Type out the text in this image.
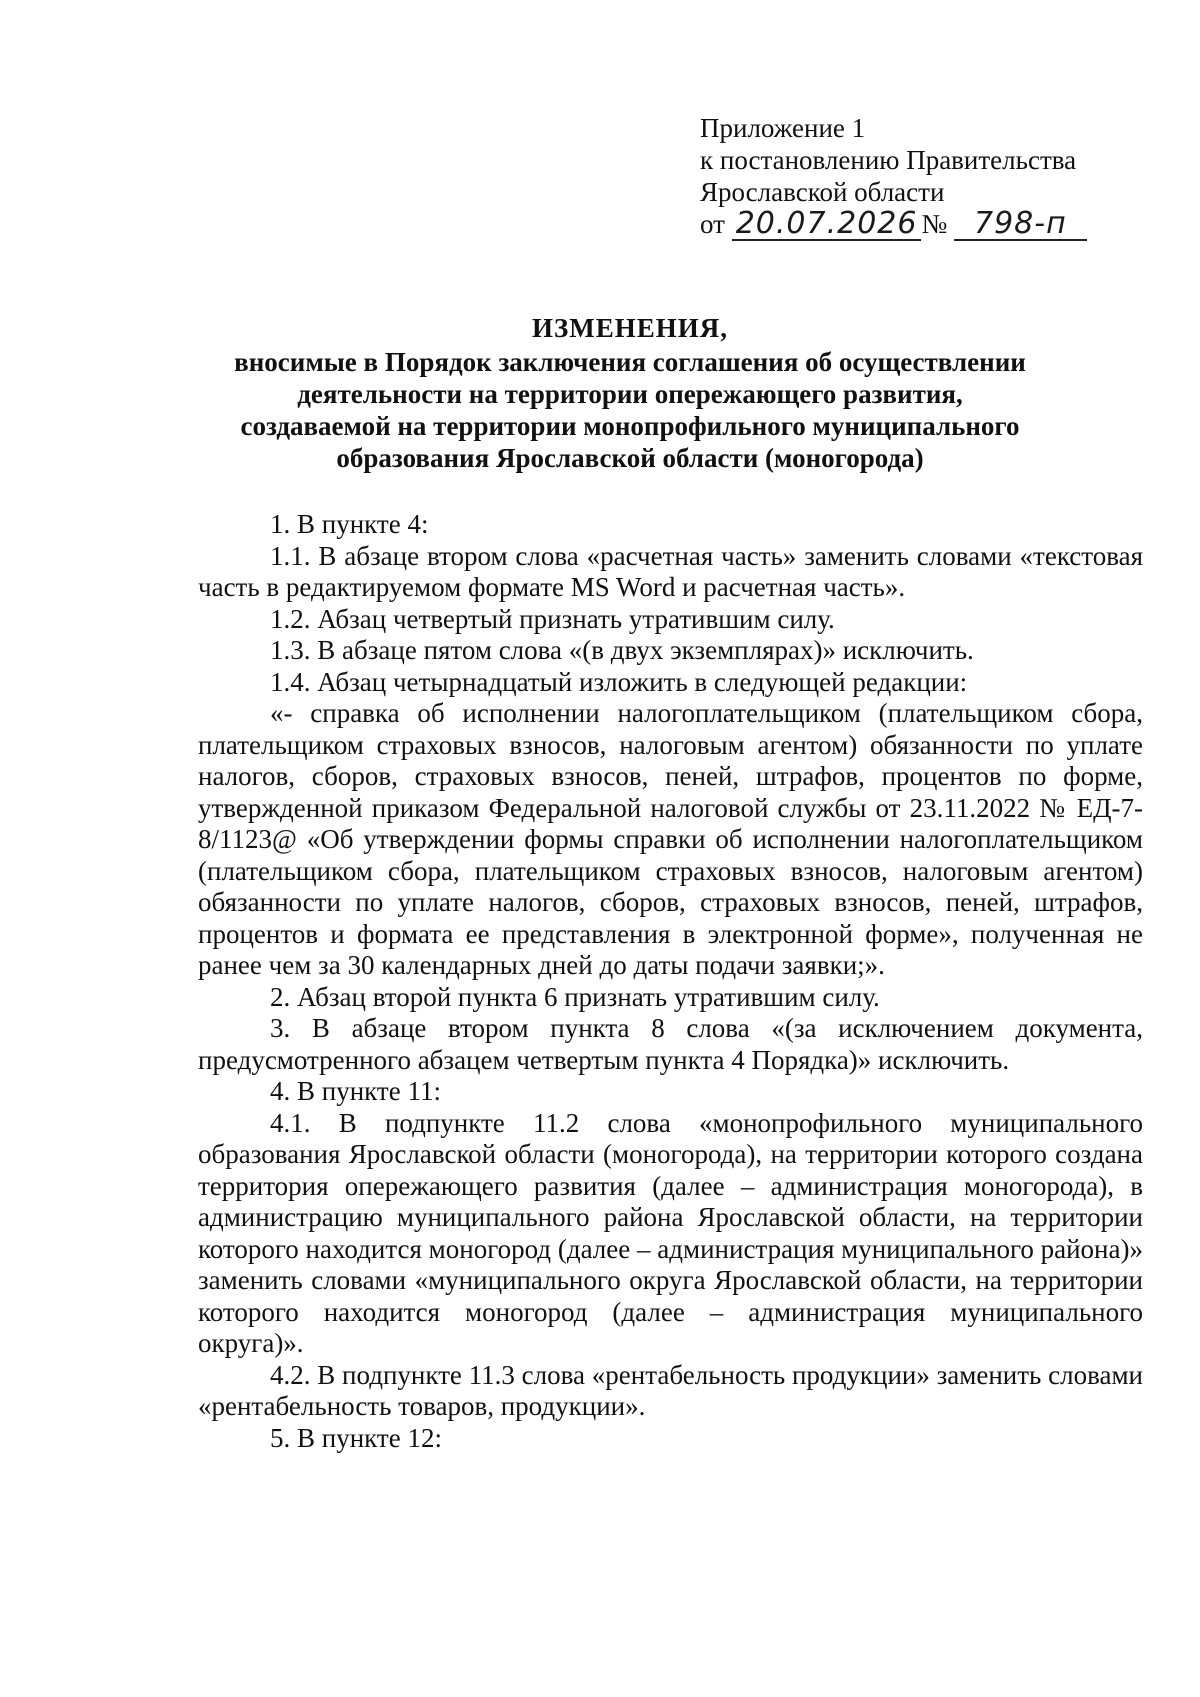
Приложение 1
к постановлению Правительства
Ярославской области
от 20.07.2026 № 798-п
ИЗМЕНЕНИЯ,
вносимые в Порядок заключения соглашения об осуществлении
деятельности на территории опережающего развития,
создаваемой на территории монопрофильного муниципального
образования Ярославской области (моногорода)

1. В пункте 4:

1.1. В абзаце втором слова «расчетная часть» заменить словами «текстовая часть в редактируемом формате MS Word и расчетная часть».

1.2. Абзац четвертый признать утратившим силу.

1.3. В абзаце пятом слова «(в двух экземплярах)» исключить.

1.4. Абзац четырнадцатый изложить в следующей редакции:

«- справка об исполнении налогоплательщиком (плательщиком сбора, плательщиком страховых взносов, налоговым агентом) обязанности по уплате налогов, сборов, страховых взносов, пеней, штрафов, процентов по форме, утвержденной приказом Федеральной налоговой службы от 23.11.2022 № ЕД-7-8/1123@ «Об утверждении формы справки об исполнении налогоплательщиком (плательщиком сбора, плательщиком страховых взносов, налоговым агентом) обязанности по уплате налогов, сборов, страховых взносов, пеней, штрафов, процентов и формата ее представления в электронной форме», полученная не ранее чем за 30 календарных дней до даты подачи заявки;».

2. Абзац второй пункта 6 признать утратившим силу.

3. В абзаце втором пункта 8 слова «(за исключением документа, предусмотренного абзацем четвертым пункта 4 Порядка)» исключить.

4. В пункте 11:

4.1. В подпункте 11.2 слова «монопрофильного муниципального образования Ярославской области (моногорода), на территории которого создана территория опережающего развития (далее – администрация моногорода), в администрацию муниципального района Ярославской области, на территории которого находится моногород (далее – администрация муниципального района)» заменить словами «муниципального округа Ярославской области, на территории которого находится моногород (далее – администрация муниципального округа)».

4.2. В подпункте 11.3 слова «рентабельность продукции» заменить словами «рентабельность товаров, продукции».

5. В пункте 12:
